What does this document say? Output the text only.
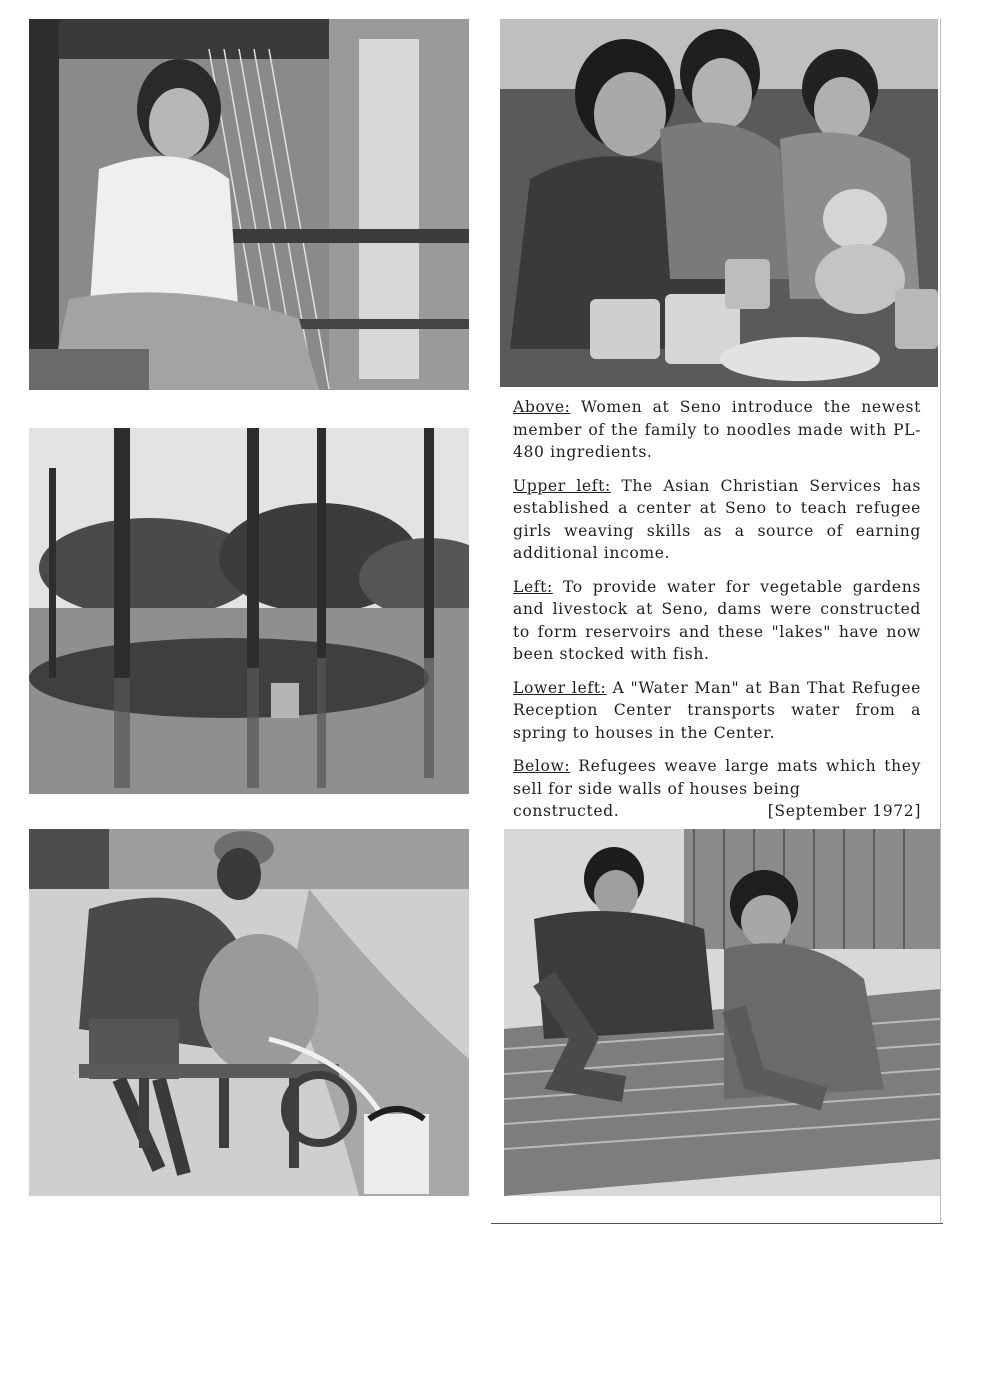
Above: Women at Seno introduce the newest member of the family to noodles made with PL-480 ingredients.

Upper left: The Asian Christian Services has established a center at Seno to teach refugee girls weaving skills as a source of earning additional income.

Left: To provide water for vegetable gardens and livestock at Seno, dams were constructed to form reservoirs and these "lakes" have now been stocked with fish.

Lower left: A "Water Man" at Ban That Refugee Reception Center transports water from a spring to houses in the Center.

Below: Refugees weave large mats which they sell for side walls of houses being

constructed.	[September 1972]
